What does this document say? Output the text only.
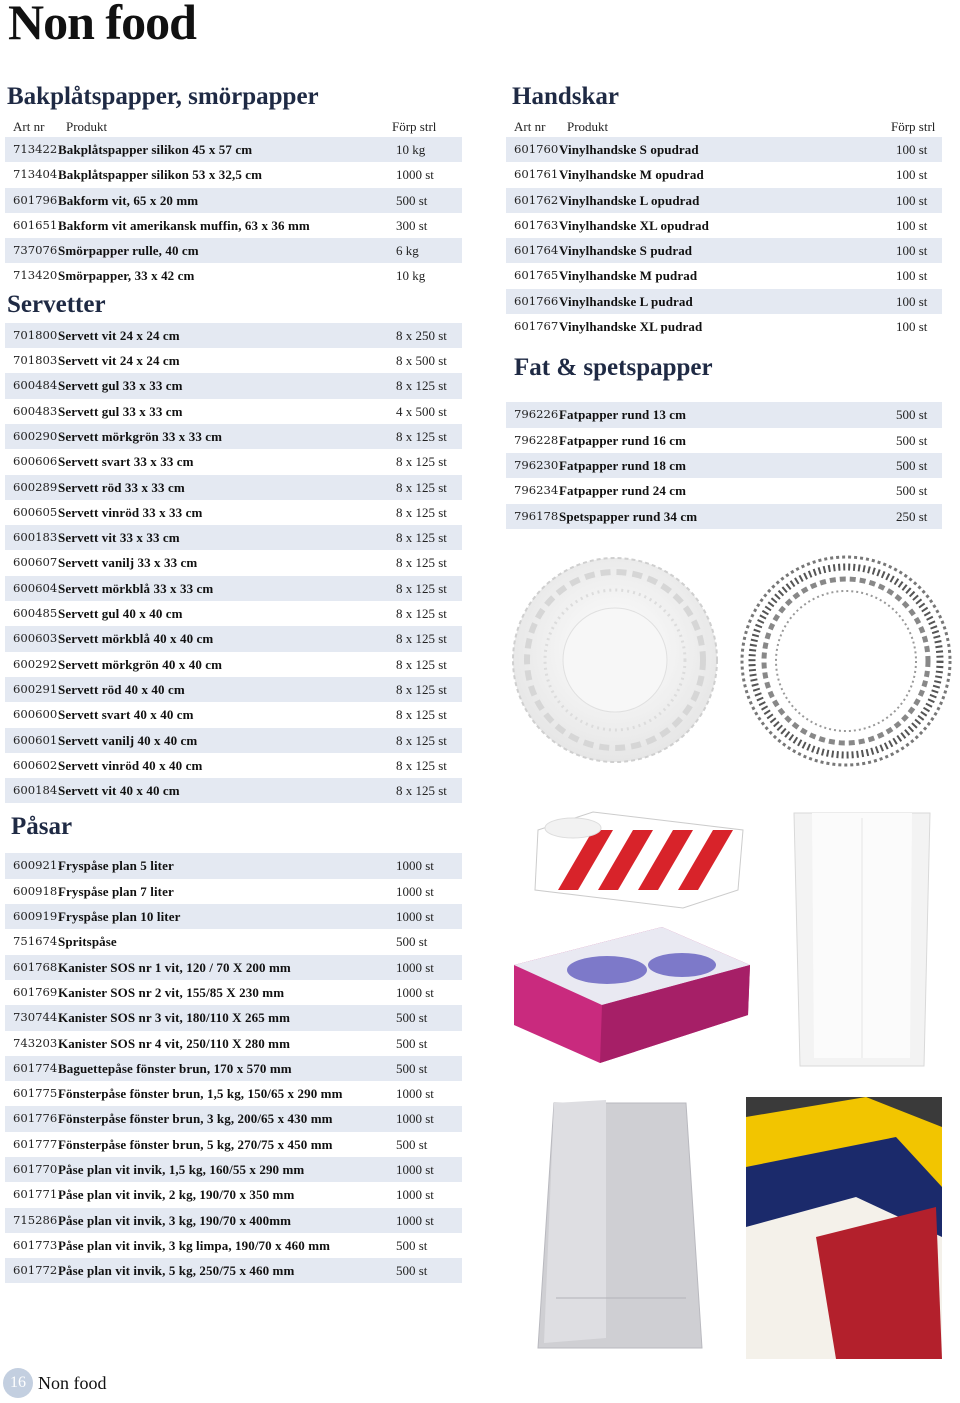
Non food
Bakplåtspapper, smörpapper
Art nr	Produkt	Förp strl
713422 Bakplåtspapper silikon 45 x 57 cm	10 kg
713404 Bakplåtspapper silikon 53 x 32,5 cm	1000 st
601796 Bakform vit, 65 x 20 mm	500 st
601651 Bakform vit amerikansk muffin, 63 x 36 mm	300 st
737076 Smörpapper rulle, 40 cm	6 kg
713420 Smörpapper, 33 x 42 cm	10 kg
Servetter
701800 Servett vit 24 x 24 cm	8 x 250 st
701803 Servett vit 24 x 24 cm	8 x 500 st
600484 Servett gul 33 x 33 cm	8 x 125 st
600483 Servett gul 33 x 33 cm	4 x 500 st
600290 Servett mörkgrön 33 x 33 cm	8 x 125 st
600606 Servett svart 33 x 33 cm	8 x 125 st
600289 Servett röd 33 x 33 cm	8 x 125 st
600605 Servett vinröd 33 x 33 cm	8 x 125 st
600183 Servett vit 33 x 33 cm	8 x 125 st
600607 Servett vanilj 33 x 33 cm	8 x 125 st
600604 Servett mörkblå 33 x 33 cm	8 x 125 st
600485 Servett gul 40 x 40 cm	8 x 125 st
600603 Servett mörkblå 40 x 40 cm	8 x 125 st
600292 Servett mörkgrön 40 x 40 cm	8 x 125 st
600291 Servett röd 40 x 40 cm	8 x 125 st
600600 Servett svart 40 x 40 cm	8 x 125 st
600601 Servett vanilj 40 x 40 cm	8 x 125 st
600602 Servett vinröd 40 x 40 cm	8 x 125 st
600184 Servett vit 40 x 40 cm	8 x 125 st
Påsar
600921 Fryspåse plan 5 liter	1000 st
600918 Fryspåse plan 7 liter	1000 st
600919 Fryspåse plan 10 liter	1000 st
751674 Spritspåse	500 st
601768 Kanister SOS nr 1 vit, 120 / 70 X 200 mm	1000 st
601769 Kanister SOS nr 2 vit, 155/85 X 230 mm	1000 st
730744 Kanister SOS nr 3 vit, 180/110 X 265 mm	500 st
743203 Kanister SOS nr 4 vit, 250/110 X 280 mm	500 st
601774 Baguettepåse fönster brun, 170 x 570 mm	500 st
601775 Fönsterpåse fönster brun, 1,5 kg, 150/65 x 290 mm	1000 st
601776 Fönsterpåse fönster brun, 3 kg, 200/65 x 430 mm	1000 st
601777 Fönsterpåse fönster brun, 5 kg, 270/75 x 450 mm	500 st
601770 Påse plan vit invik, 1,5 kg, 160/55 x 290 mm	1000 st
601771 Påse plan vit invik, 2 kg, 190/70 x 350 mm	1000 st
715286 Påse plan vit invik, 3 kg, 190/70 x 400mm	1000 st
601773 Påse plan vit invik, 3 kg limpa, 190/70 x 460 mm	500 st
601772 Påse plan vit invik, 5 kg, 250/75 x 460 mm	500 st
Handskar
Art nr	Produkt	Förp strl
601760 Vinylhandske S opudrad	100 st
601761 Vinylhandske M opudrad	100 st
601762 Vinylhandske L opudrad	100 st
601763 Vinylhandske XL opudrad	100 st
601764 Vinylhandske S pudrad	100 st
601765 Vinylhandske M pudrad	100 st
601766 Vinylhandske L pudrad	100 st
601767 Vinylhandske XL pudrad	100 st
Fat & spetspapper
796226 Fatpapper rund 13 cm	500 st
796228 Fatpapper rund 16 cm	500 st
796230 Fatpapper rund 18 cm	500 st
796234 Fatpapper rund 24 cm	500 st
796178 Spetspapper rund 34 cm	250 st
16 Non food
